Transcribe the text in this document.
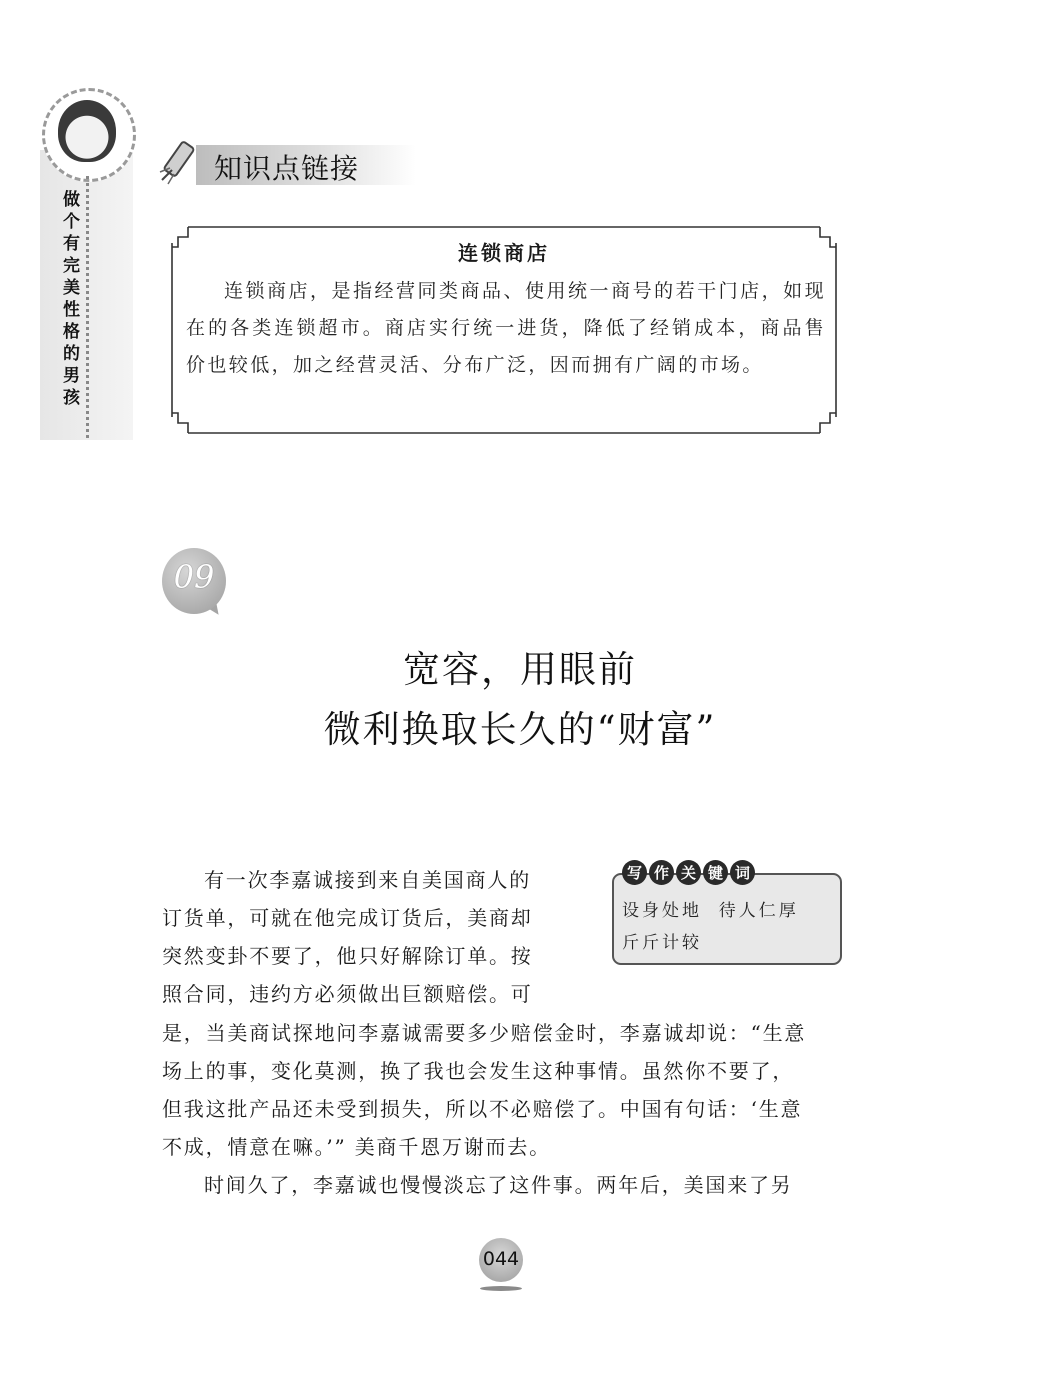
做个有完美性格的男孩
知识点链接
连锁商店
连锁商店，是指经营同类商品、使用统一商号的若干门店，如现在的各类连锁超市。商店实行统一进货，降低了经销成本，商品售价也较低，加之经营灵活、分布广泛，因而拥有广阔的市场。
09
宽容，用眼前
微利换取长久的“财富”
写 作 关 键 词
设身处地  待人仁厚
斤斤计较
有一次李嘉诚接到来自美国商人的
订货单，可就在他完成订货后，美商却
突然变卦不要了，他只好解除订单。按
照合同，违约方必须做出巨额赔偿。可
是，当美商试探地问李嘉诚需要多少赔偿金时，李嘉诚却说：“生意
场上的事，变化莫测，换了我也会发生这种事情。虽然你不要了，
但我这批产品还未受到损失，所以不必赔偿了。中国有句话：‘生意
不成，情意在嘛。’” 美商千恩万谢而去。
时间久了，李嘉诚也慢慢淡忘了这件事。两年后，美国来了另
044
